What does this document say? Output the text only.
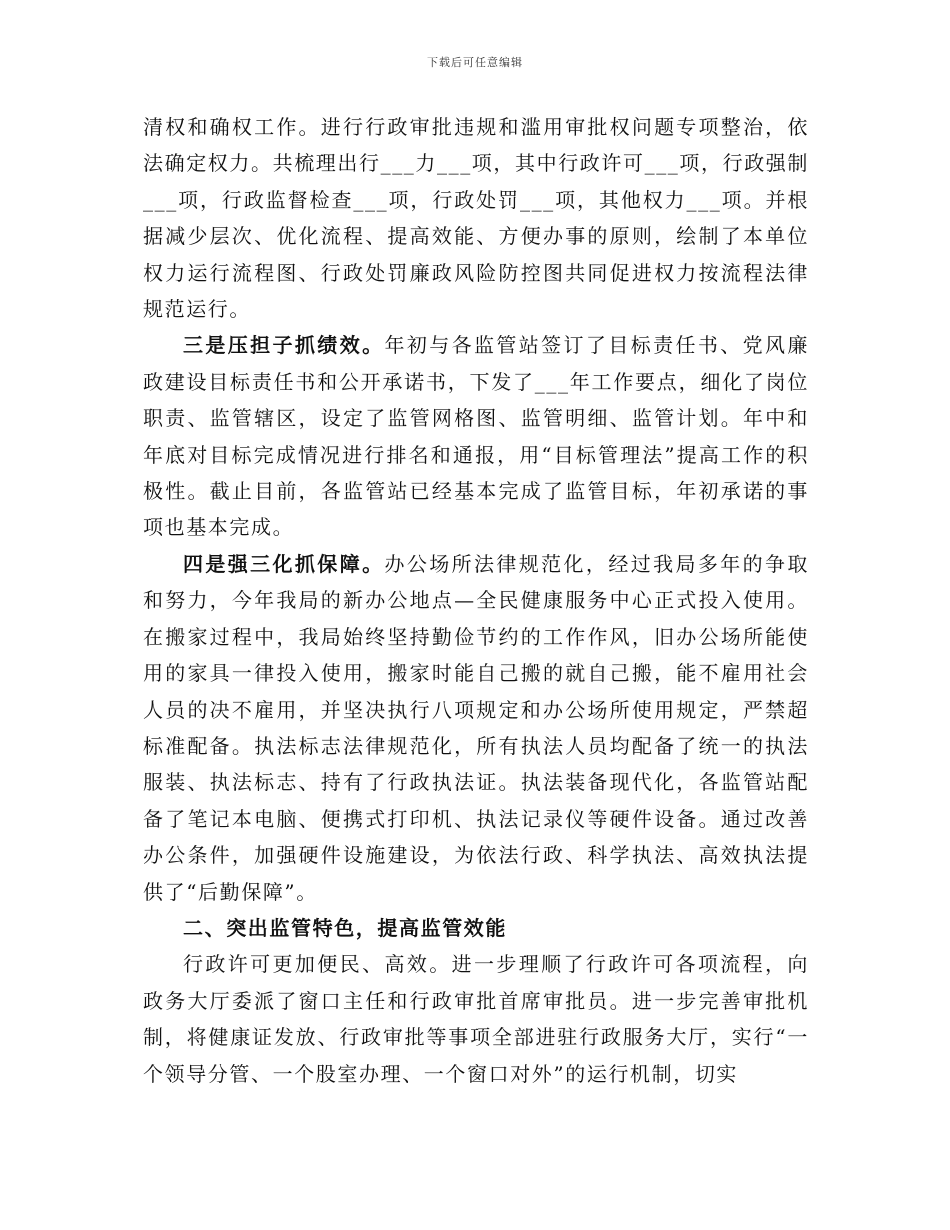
下载后可任意编辑

清权和确权工作。进行行政审批违规和滥用审批权问题专项整治，依法确定权力。共梳理出行___力___项，其中行政许可___项，行政强制___项，行政监督检查___项，行政处罚___项，其他权力___项。并根据减少层次、优化流程、提高效能、方便办事的原则，绘制了本单位权力运行流程图、行政处罚廉政风险防控图共同促进权力按流程法律规范运行。

三是压担子抓绩效。年初与各监管站签订了目标责任书、党风廉政建设目标责任书和公开承诺书，下发了___年工作要点，细化了岗位职责、监管辖区，设定了监管网格图、监管明细、监管计划。年中和年底对目标完成情况进行排名和通报，用“目标管理法”提高工作的积极性。截止目前，各监管站已经基本完成了监管目标，年初承诺的事项也基本完成。

四是强三化抓保障。办公场所法律规范化，经过我局多年的争取和努力，今年我局的新办公地点—全民健康服务中心正式投入使用。在搬家过程中，我局始终坚持勤俭节约的工作作风，旧办公场所能使用的家具一律投入使用，搬家时能自己搬的就自己搬，能不雇用社会人员的决不雇用，并坚决执行八项规定和办公场所使用规定，严禁超标准配备。执法标志法律规范化，所有执法人员均配备了统一的执法服装、执法标志、持有了行政执法证。执法装备现代化，各监管站配备了笔记本电脑、便携式打印机、执法记录仪等硬件设备。通过改善办公条件，加强硬件设施建设，为依法行政、科学执法、高效执法提供了“后勤保障”。

二、突出监管特色，提高监管效能

行政许可更加便民、高效。进一步理顺了行政许可各项流程，向政务大厅委派了窗口主任和行政审批首席审批员。进一步完善审批机制，将健康证发放、行政审批等事项全部进驻行政服务大厅，实行“一个领导分管、一个股室办理、一个窗口对外”的运行机制，切实
